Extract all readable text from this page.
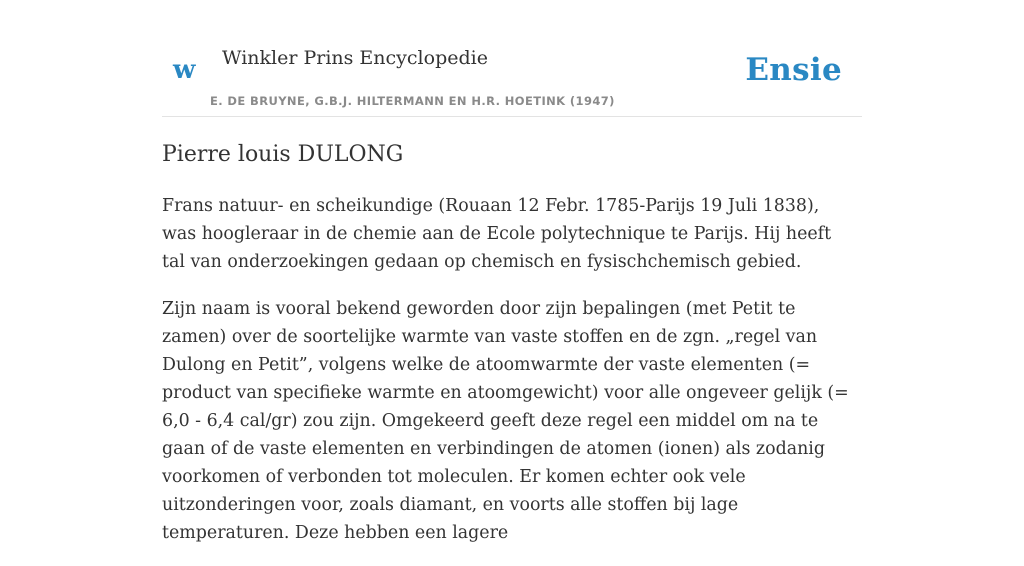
w Winkler Prins Encyclopedie
E. DE BRUYNE, G.B.J. HILTERMANN EN H.R. HOETINK (1947)
Ensie
Pierre louis DULONG

Frans natuur- en scheikundige (Rouaan 12 Febr. 1785-Parijs 19 Juli 1838), was hoogleraar in de chemie aan de Ecole polytechnique te Parijs. Hij heeft tal van onderzoekingen gedaan op chemisch en fysischchemisch gebied.

Zijn naam is vooral bekend geworden door zijn bepalingen (met Petit te zamen) over de soortelijke warmte van vaste stoffen en de zgn. „regel van Dulong en Petit”, volgens welke de atoomwarmte der vaste elementen (= product van specifieke warmte en atoomgewicht) voor alle ongeveer gelijk (= 6,0 - 6,4 cal/gr) zou zijn. Omgekeerd geeft deze regel een middel om na te gaan of de vaste elementen en verbindingen de atomen (ionen) als zodanig voorkomen of verbonden tot moleculen. Er komen echter ook vele uitzonderingen voor, zoals diamant, en voorts alle stoffen bij lage temperaturen. Deze hebben een lagere
